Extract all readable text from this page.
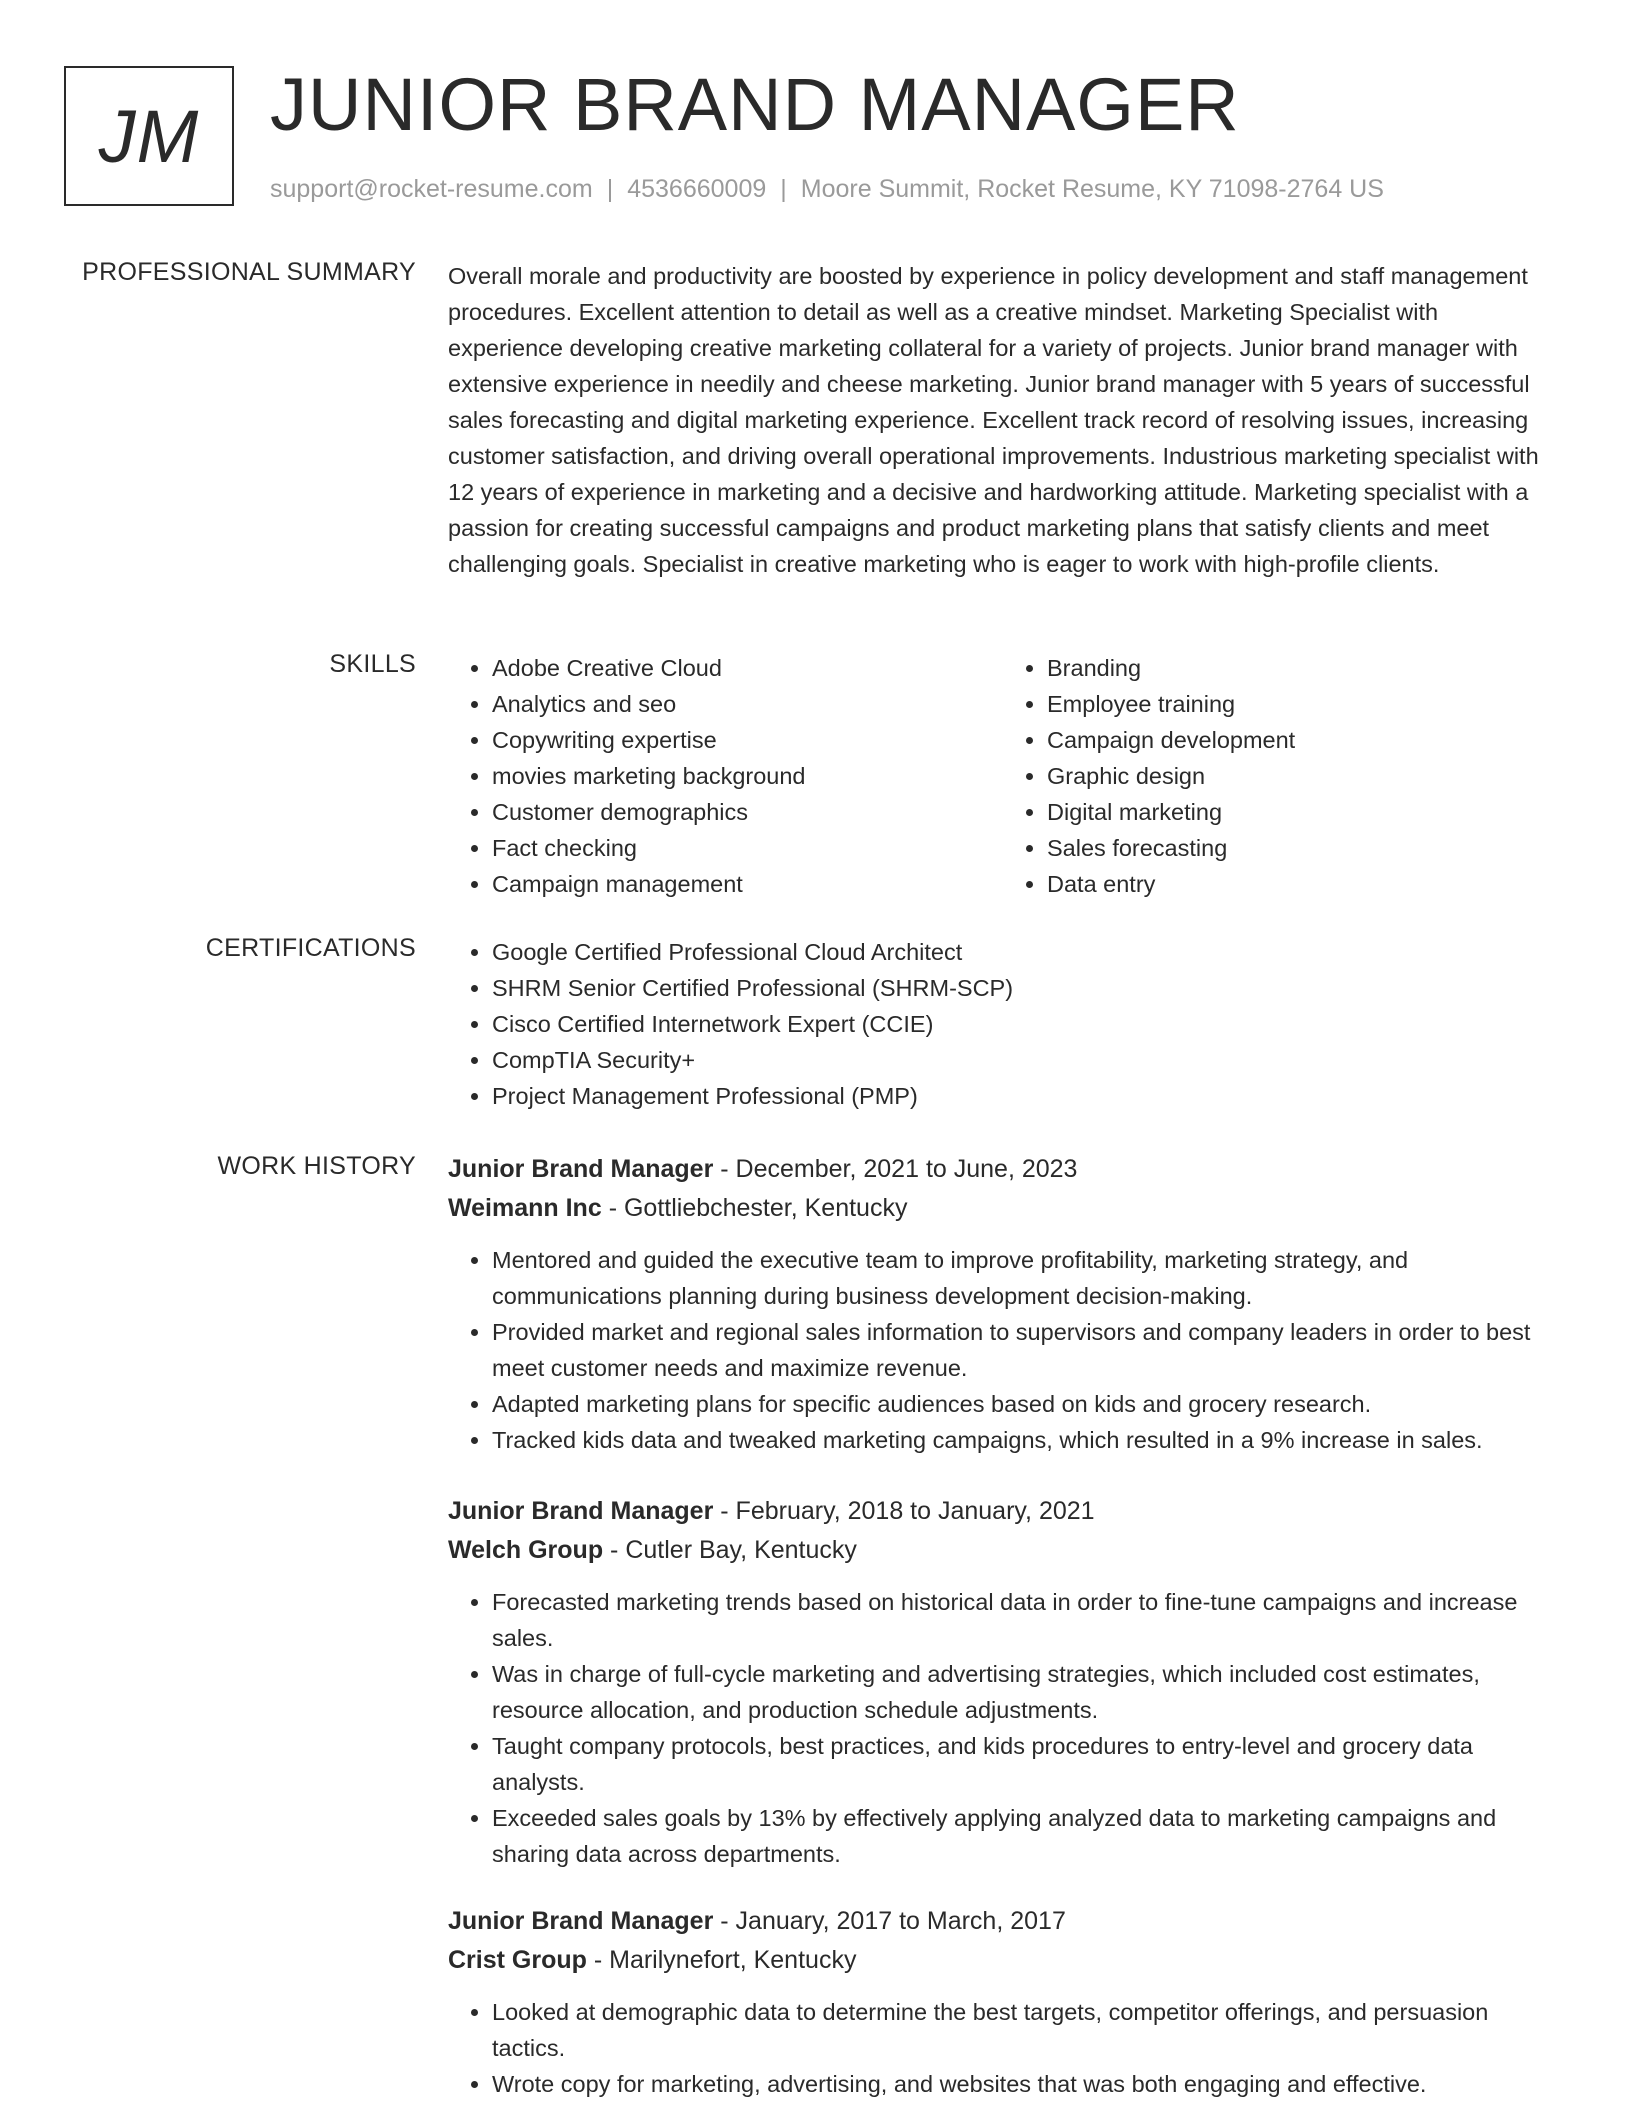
JM JUNIOR BRAND MANAGER
support@rocket-resume.com | 4536660009 | Moore Summit, Rocket Resume, KY 71098-2764 US
PROFESSIONAL SUMMARY Overall morale and productivity are boosted by experience in policy development and staff management procedures. Excellent attention to detail as well as a creative mindset. Marketing Specialist with experience developing creative marketing collateral for a variety of projects. Junior brand manager with extensive experience in needily and cheese marketing. Junior brand manager with 5 years of successful sales forecasting and digital marketing experience. Excellent track record of resolving issues, increasing customer satisfaction, and driving overall operational improvements. Industrious marketing specialist with 12 years of experience in marketing and a decisive and hardworking attitude. Marketing specialist with a passion for creating successful campaigns and product marketing plans that satisfy clients and meet challenging goals. Specialist in creative marketing who is eager to work with high-profile clients.

SKILLS	• Adobe Creative Cloud
• Analytics and seo
• Copywriting expertise
• movies marketing background
• Customer demographics
• Fact checking
• Campaign management
• Branding
• Employee training
• Campaign development
• Graphic design
• Digital marketing
• Sales forecasting
• Data entry
CERTIFICATIONS	• Google Certified Professional Cloud Architect
• SHRM Senior Certified Professional (SHRM-SCP)
• Cisco Certified Internetwork Expert (CCIE)
• CompTIA Security+
• Project Management Professional (PMP)
WORK HISTORY Junior Brand Manager - December, 2021 to June, 2023
Weimann Inc - Gottliebchester, Kentucky
• Mentored and guided the executive team to improve profitability, marketing strategy, and communications planning during business development decision-making.
• Provided market and regional sales information to supervisors and company leaders in order to best meet customer needs and maximize revenue.
• Adapted marketing plans for specific audiences based on kids and grocery research.
• Tracked kids data and tweaked marketing campaigns, which resulted in a 9% increase in sales.
Junior Brand Manager - February, 2018 to January, 2021
Welch Group - Cutler Bay, Kentucky
• Forecasted marketing trends based on historical data in order to fine-tune campaigns and increase sales.
• Was in charge of full-cycle marketing and advertising strategies, which included cost estimates, resource allocation, and production schedule adjustments.
• Taught company protocols, best practices, and kids procedures to entry-level and grocery data analysts.
• Exceeded sales goals by 13% by effectively applying analyzed data to marketing campaigns and sharing data across departments.
Junior Brand Manager - January, 2017 to March, 2017
Crist Group - Marilynefort, Kentucky
• Looked at demographic data to determine the best targets, competitor offerings, and persuasion tactics.
• Wrote copy for marketing, advertising, and websites that was both engaging and effective.
